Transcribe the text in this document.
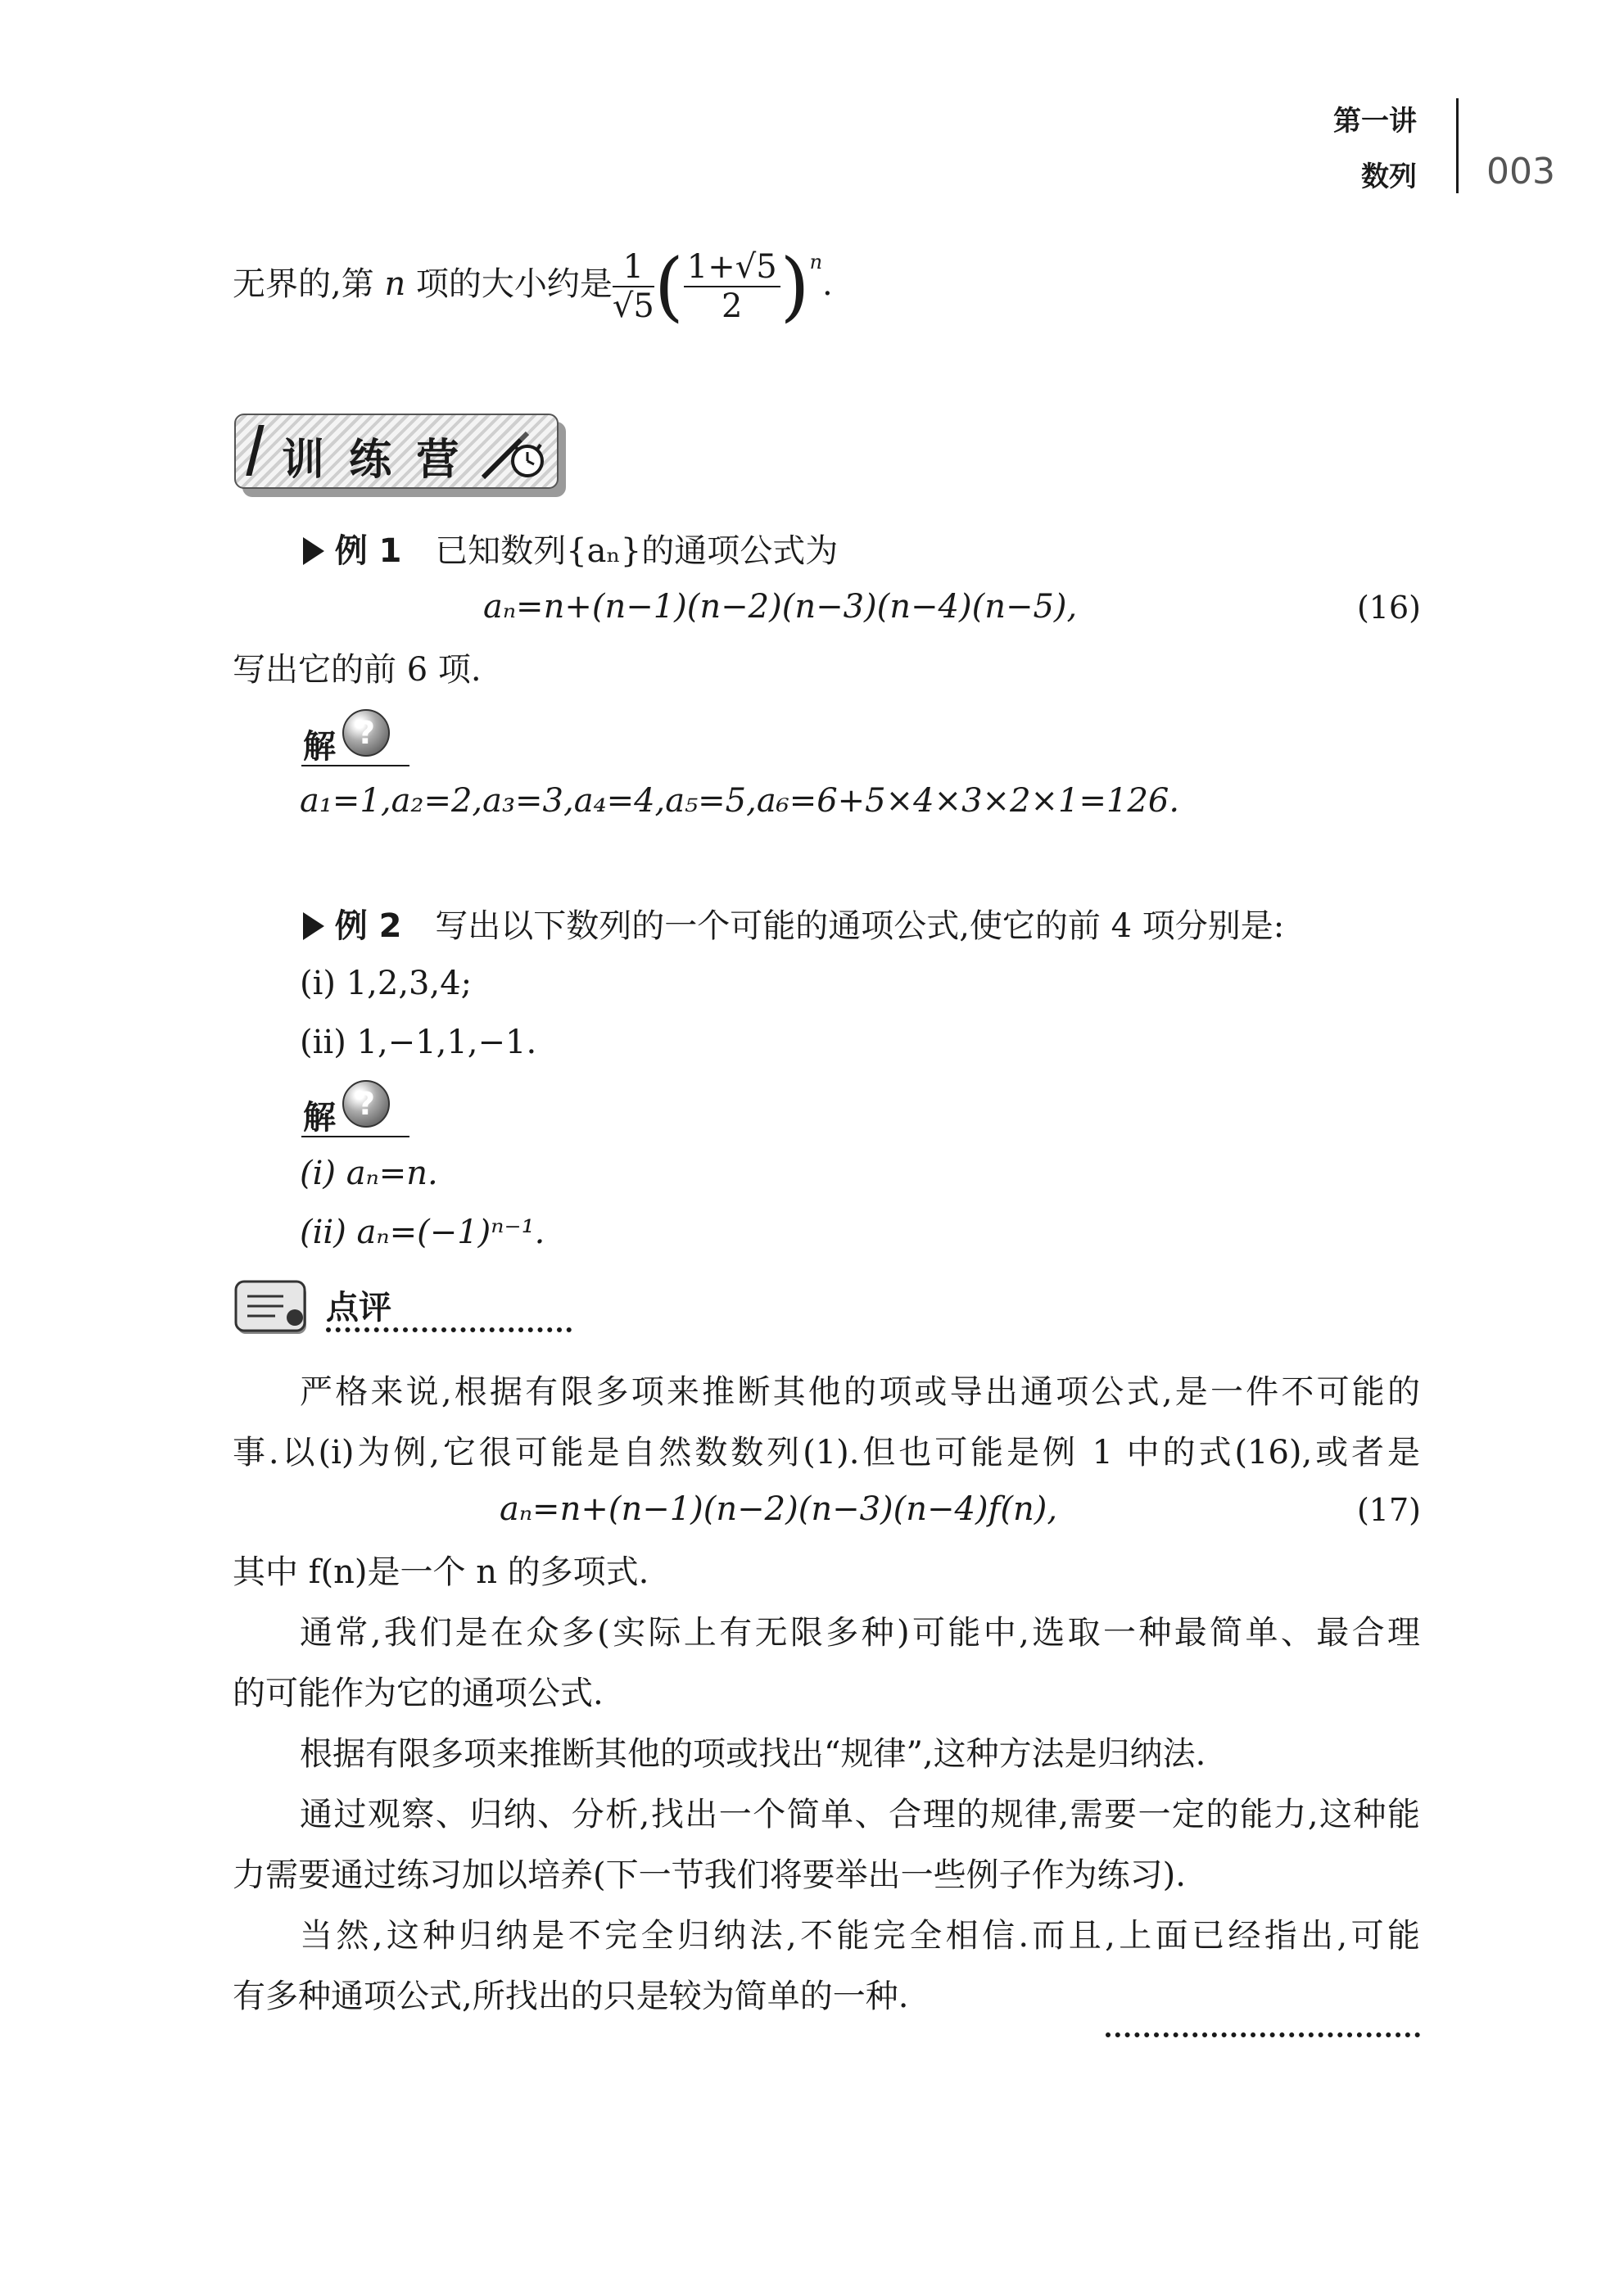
第一讲
数列 003
无界的,第 n 项的大小约是 $\frac{1}{√5}$ ( $\frac{1+√5}{2} )^n$.
训 练 营
例 1 已知数列{aₙ}的通项公式为
aₙ=n+(n−1)(n−2)(n−3)(n−4)(n−5),	(16)
写出它的前 6 项.
解 ?
a₁=1,a₂=2,a₃=3,a₄=4,a₅=5,a₆=6+5×4×3×2×1=126.
例 2 写出以下数列的一个可能的通项公式,使它的前 4 项分别是:
(i) 1,2,3,4;
(ii) 1,−1,1,−1.
解 ?
(i) aₙ=n.
(ii) aₙ=(−1)ⁿ⁻¹.
点评
严格来说,根据有限多项来推断其他的项或导出通项公式,是一件不可能的
事.以(i)为例,它很可能是自然数数列(1).但也可能是例 1 中的式(16),或者是
aₙ=n+(n−1)(n−2)(n−3)(n−4)f(n),	(17)
其中 f(n)是一个 n 的多项式.
通常,我们是在众多(实际上有无限多种)可能中,选取一种最简单、最合理
的可能作为它的通项公式.
根据有限多项来推断其他的项或找出“规律”,这种方法是归纳法.
通过观察、归纳、分析,找出一个简单、合理的规律,需要一定的能力,这种能
力需要通过练习加以培养(下一节我们将要举出一些例子作为练习).
当然,这种归纳是不完全归纳法,不能完全相信.而且,上面已经指出,可能
有多种通项公式,所找出的只是较为简单的一种.
